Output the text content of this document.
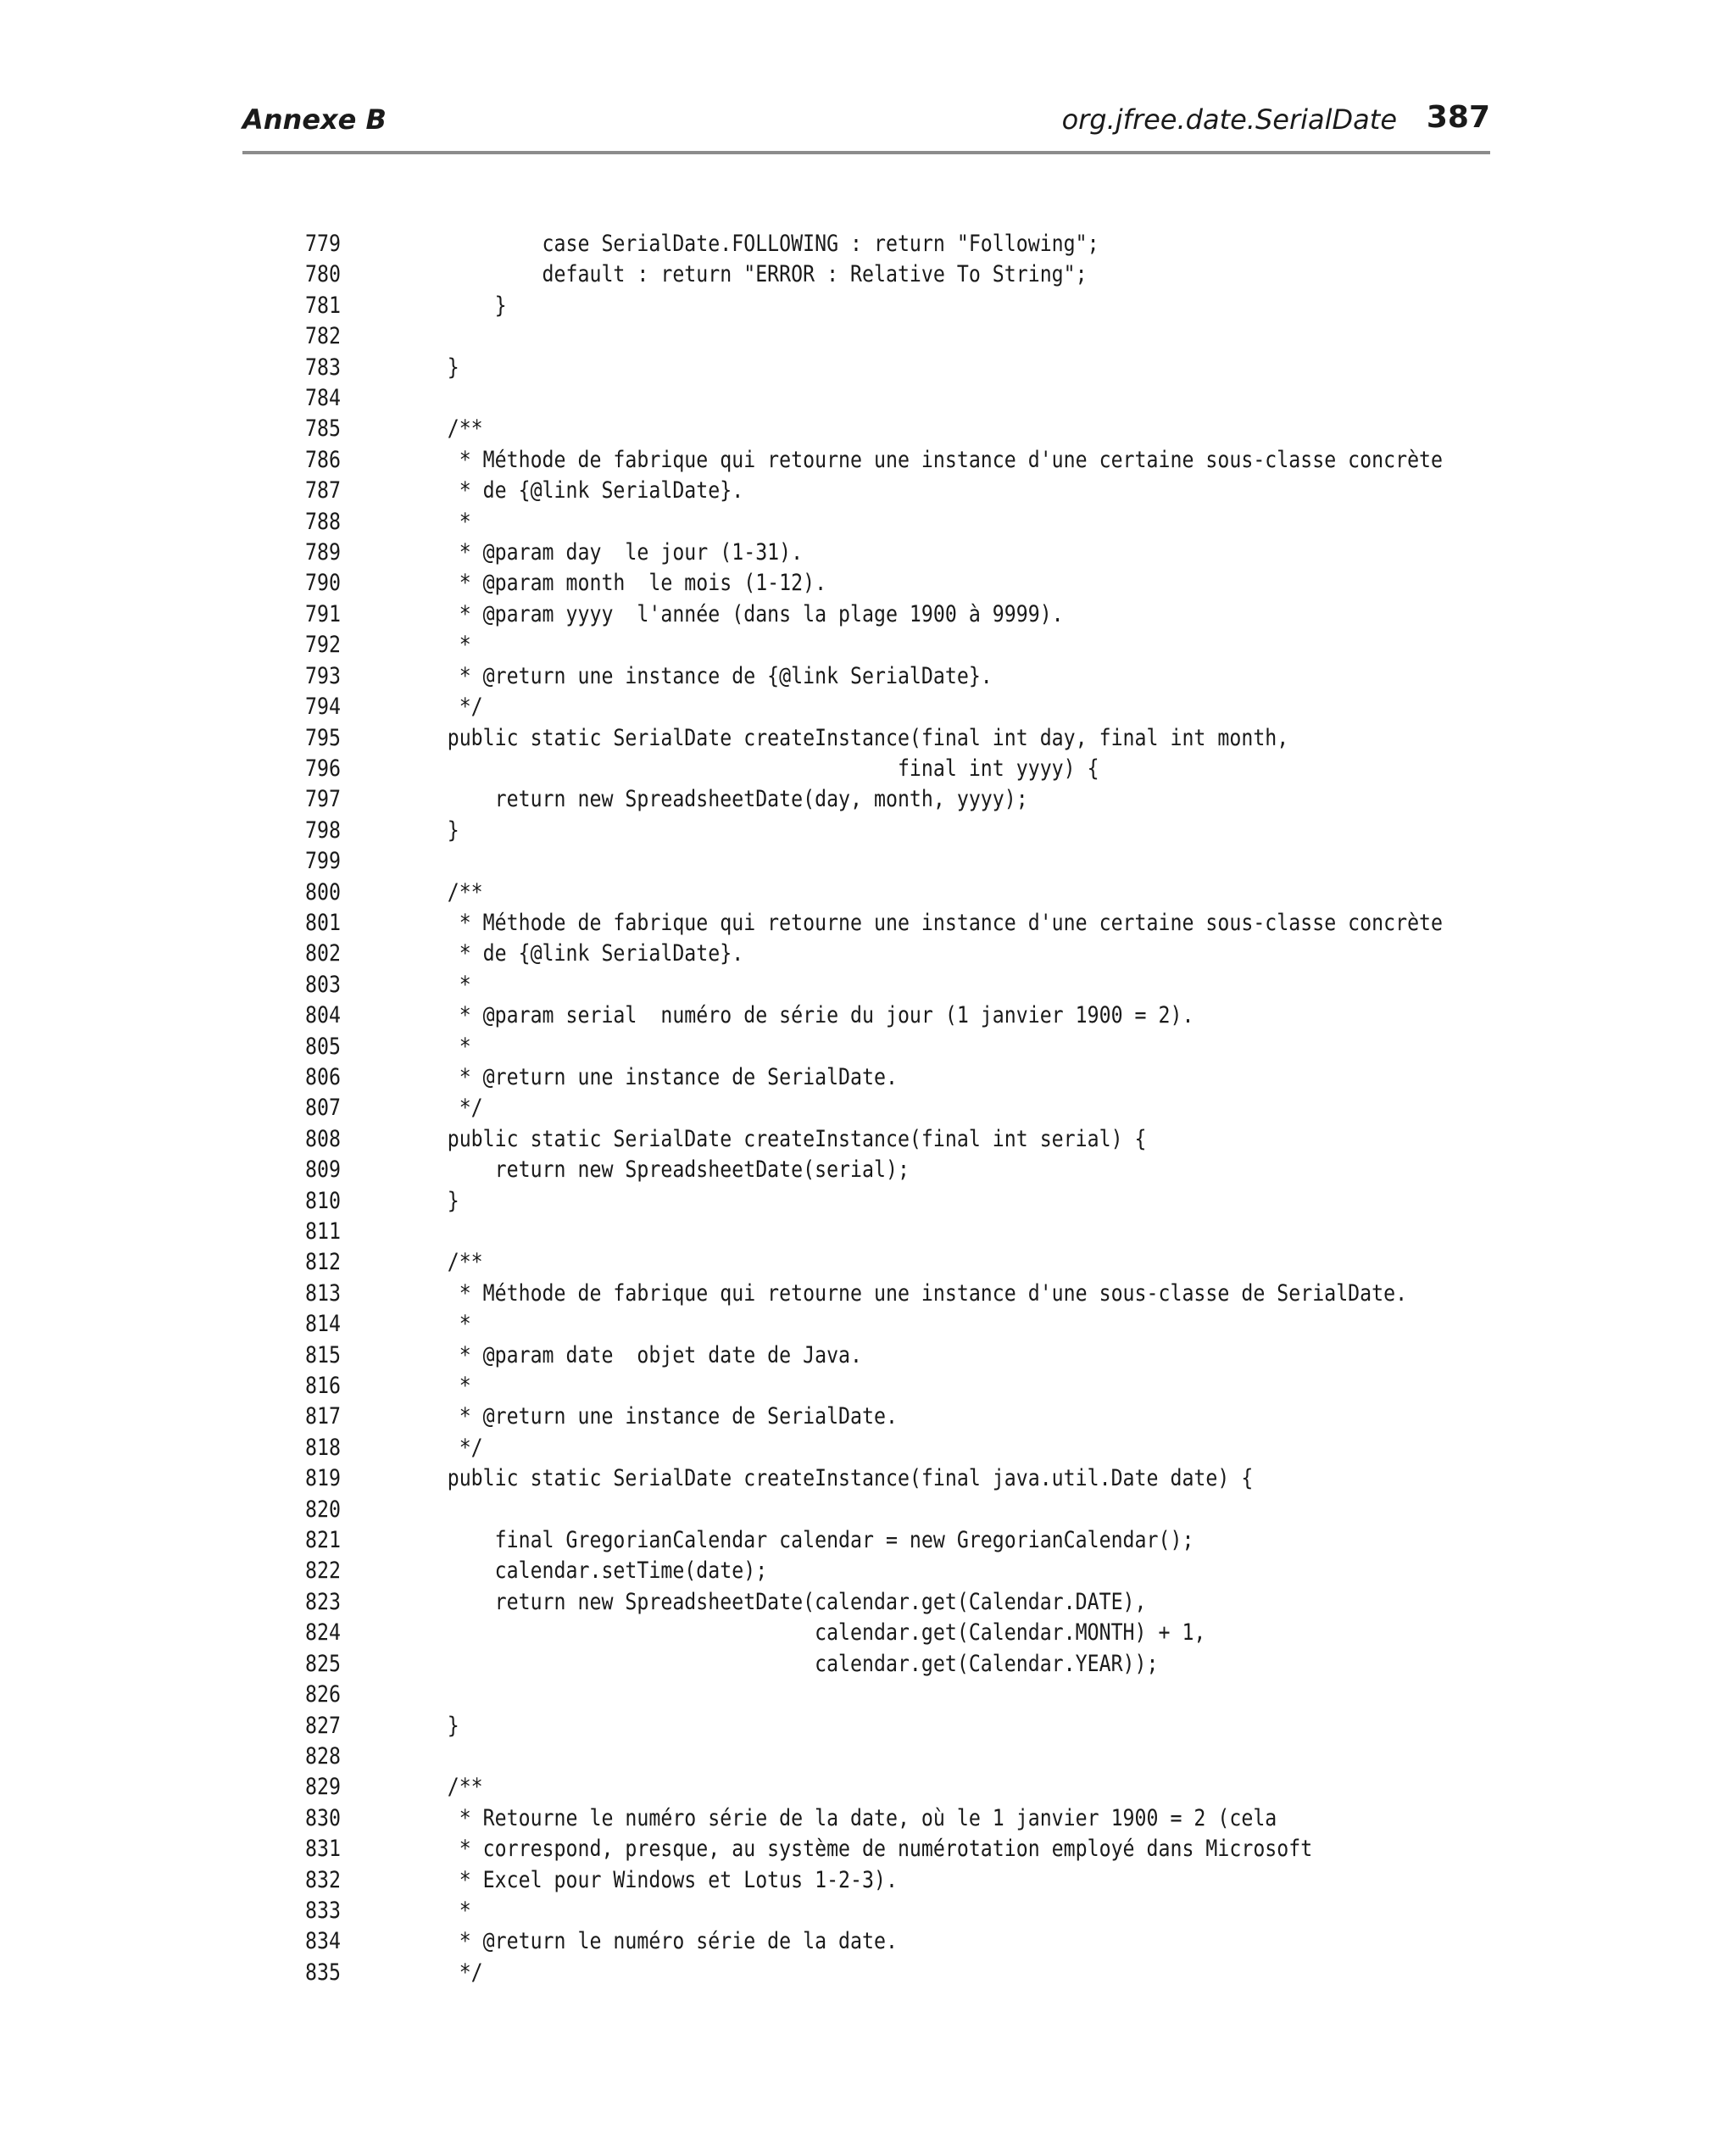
Annexe B	org.jfree.date.SerialDate 387
779	case SerialDate.FOLLOWING : return "Following";
780	default : return "ERROR : Relative To String";
781	}
782
783	}
784
785	/**
786	* Méthode de fabrique qui retourne une instance d'une certaine sous-classe concrète
787	* de {@link SerialDate}.
788	*
789	* @param day  le jour (1-31).
790	* @param month  le mois (1-12).
791	* @param yyyy  l'année (dans la plage 1900 à 9999).
792	*
793	* @return une instance de {@link SerialDate}.
794	*/
795	public static SerialDate createInstance(final int day, final int month,
796	final int yyyy) {
797	return new SpreadsheetDate(day, month, yyyy);
798	}
799
800	/**
801	* Méthode de fabrique qui retourne une instance d'une certaine sous-classe concrète
802	* de {@link SerialDate}.
803	*
804	* @param serial  numéro de série du jour (1 janvier 1900 = 2).
805	*
806	* @return une instance de SerialDate.
807	*/
808	public static SerialDate createInstance(final int serial) {
809	return new SpreadsheetDate(serial);
810	}
811
812	/**
813	* Méthode de fabrique qui retourne une instance d'une sous-classe de SerialDate.
814	*
815	* @param date  objet date de Java.
816	*
817	* @return une instance de SerialDate.
818	*/
819	public static SerialDate createInstance(final java.util.Date date) {
820
821	final GregorianCalendar calendar = new GregorianCalendar();
822	calendar.setTime(date);
823	return new SpreadsheetDate(calendar.get(Calendar.DATE),
824	calendar.get(Calendar.MONTH) + 1,
825	calendar.get(Calendar.YEAR));
826
827	}
828
829	/**
830	* Retourne le numéro série de la date, où le 1 janvier 1900 = 2 (cela
831	* correspond, presque, au système de numérotation employé dans Microsoft
832	* Excel pour Windows et Lotus 1-2-3).
833	*
834	* @return le numéro série de la date.
835	*/
